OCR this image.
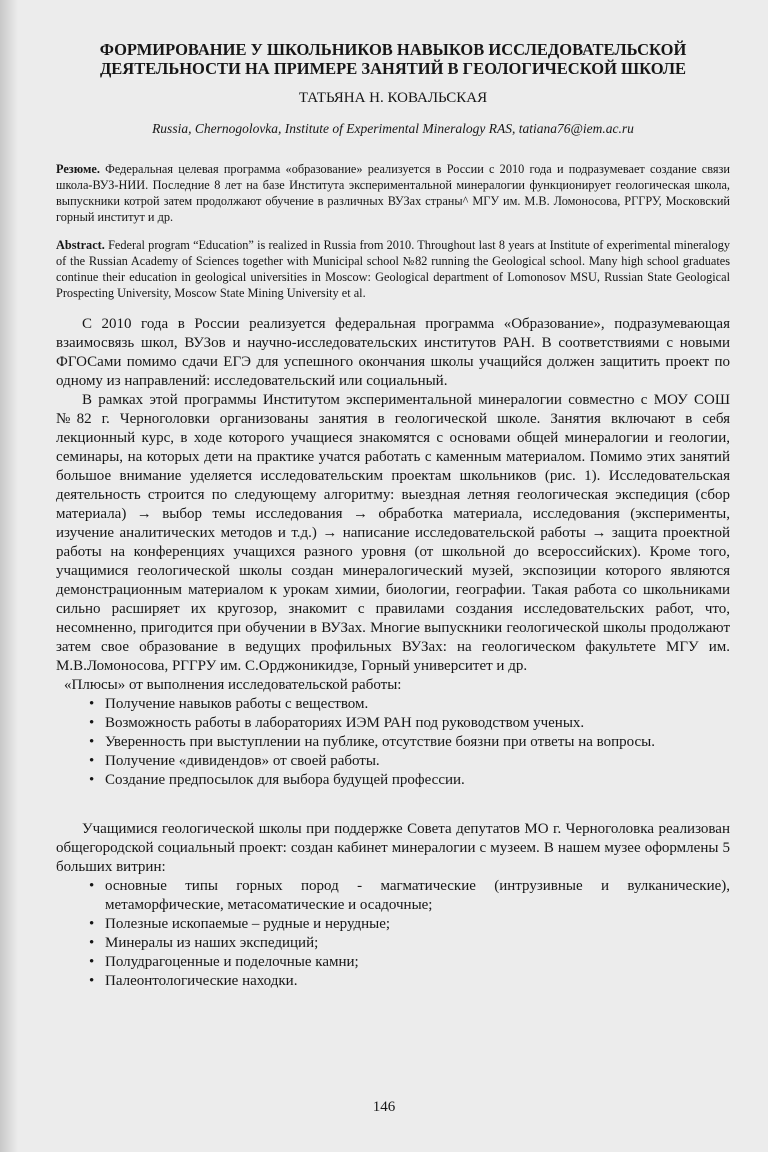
ФОРМИРОВАНИЕ У ШКОЛЬНИКОВ НАВЫКОВ ИССЛЕДОВАТЕЛЬСКОЙ
ДЕЯТЕЛЬНОСТИ НА ПРИМЕРЕ ЗАНЯТИЙ В ГЕОЛОГИЧЕСКОЙ ШКОЛЕ
ТАТЬЯНА Н. КОВАЛЬСКАЯ
Russia, Chernogolovka, Institute of Experimental Mineralogy RAS, tatiana76@iem.ac.ru

Резюме. Федеральная целевая программа «образование» реализуется в России с 2010 года и подразумевает создание связи школа-ВУЗ-НИИ. Последние 8 лет на базе Института экспериментальной минералогии функционирует геологическая школа, выпускники котрой затем продолжают обучение в различных ВУЗах страны^ МГУ им. М.В. Ломоносова, РГГРУ, Московский горный институт и др.

Abstract. Federal program “Education” is realized in Russia from 2010. Throughout last 8 years at Institute of experimental mineralogy of the Russian Academy of Sciences together with Municipal school №82 running the Geological school. Many high school graduates continue their education in geological universities in Moscow: Geological department of Lomonosov MSU, Russian State Geological Prospecting University, Moscow State Mining University et al.

С 2010 года в России реализуется федеральная программа «Образование», подразумевающая взаимосвязь школ, ВУЗов и научно-исследовательских институтов РАН. В соответствиями с новыми ФГОСами помимо сдачи ЕГЭ для успешного окончания школы учащийся должен защитить проект по одному из направлений: исследовательский или социальный.

В рамках этой программы Институтом экспериментальной минералогии совместно с МОУ СОШ №82 г. Черноголовки организованы занятия в геологической школе. Занятия включают в себя лекционный курс, в ходе которого учащиеся знакомятся с основами общей минералогии и геологии, семинары, на которых дети на практике учатся работать с каменным материалом. Помимо этих занятий большое внимание уделяется исследовательским проектам школьников (рис. 1). Исследовательская деятельность строится по следующему алгоритму: выездная летняя геологическая экспедиция (сбор материала) → выбор темы исследования → обработка материала, исследования (эксперименты, изучение аналитических методов и т.д.) → написание исследовательской работы → защита проектной работы на конференциях учащихся разного уровня (от школьной до всероссийских). Кроме того, учащимися геологической школы создан минералогический музей, экспозиции которого являются демонстрационным материалом к урокам химии, биологии, географии. Такая работа со школьниками сильно расширяет их кругозор, знакомит с правилами создания исследовательских работ, что, несомненно, пригодится при обучении в ВУЗах. Многие выпускники геологической школы продолжают затем свое образование в ведущих профильных ВУЗах: на геологическом факультете МГУ им. М.В.Ломоносова, РГГРУ им. С.Орджоникидзе, Горный университет и др.

«Плюсы» от выполнения исследовательской работы:

• Получение навыков работы с веществом.
• Возможность работы в лабораториях ИЭМ РАН под руководством ученых.
• Уверенность при выступлении на публике, отсутствие боязни при ответы на вопросы.
• Получение «дивидендов» от своей работы.
• Создание предпосылок для выбора будущей профессии.

Учащимися геологической школы при поддержке Совета депутатов МО г. Черноголовка реализован общегородской социальный проект: создан кабинет минералогии с музеем. В нашем музее оформлены 5 больших витрин:

• основные типы горных пород - магматические (интрузивные и вулканические), метаморфические, метасоматические и осадочные;
• Полезные ископаемые – рудные и нерудные;
• Минералы из наших экспедиций;
• Полудрагоценные и поделочные камни;
• Палеонтологические находки.
146
